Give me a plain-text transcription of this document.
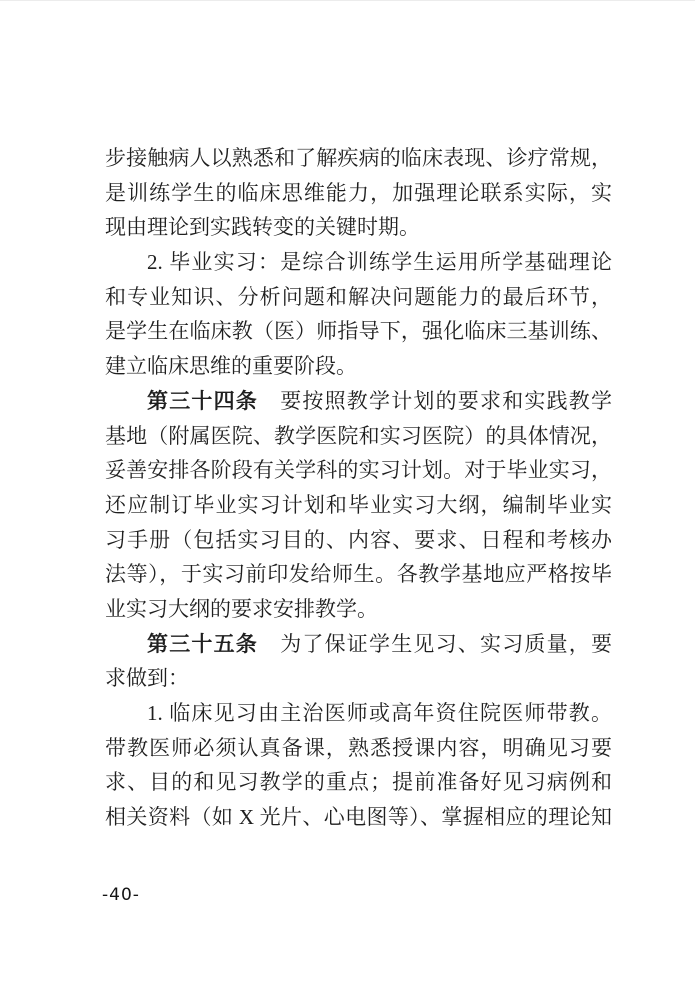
步接触病人以熟悉和了解疾病的临床表现、诊疗常规，
是训练学生的临床思维能力，加强理论联系实际，实
现由理论到实践转变的关键时期。
2. 毕业实习：是综合训练学生运用所学基础理论
和专业知识、分析问题和解决问题能力的最后环节，
是学生在临床教（医）师指导下，强化临床三基训练、
建立临床思维的重要阶段。
第三十四条　要按照教学计划的要求和实践教学
基地（附属医院、教学医院和实习医院）的具体情况，
妥善安排各阶段有关学科的实习计划。对于毕业实习，
还应制订毕业实习计划和毕业实习大纲，编制毕业实
习手册（包括实习目的、内容、要求、日程和考核办
法等），于实习前印发给师生。各教学基地应严格按毕
业实习大纲的要求安排教学。
第三十五条　为了保证学生见习、实习质量，要
求做到：
1. 临床见习由主治医师或高年资住院医师带教。
带教医师必须认真备课，熟悉授课内容，明确见习要
求、目的和见习教学的重点；提前准备好见习病例和
相关资料（如 X 光片、心电图等）、掌握相应的理论知
-40-
